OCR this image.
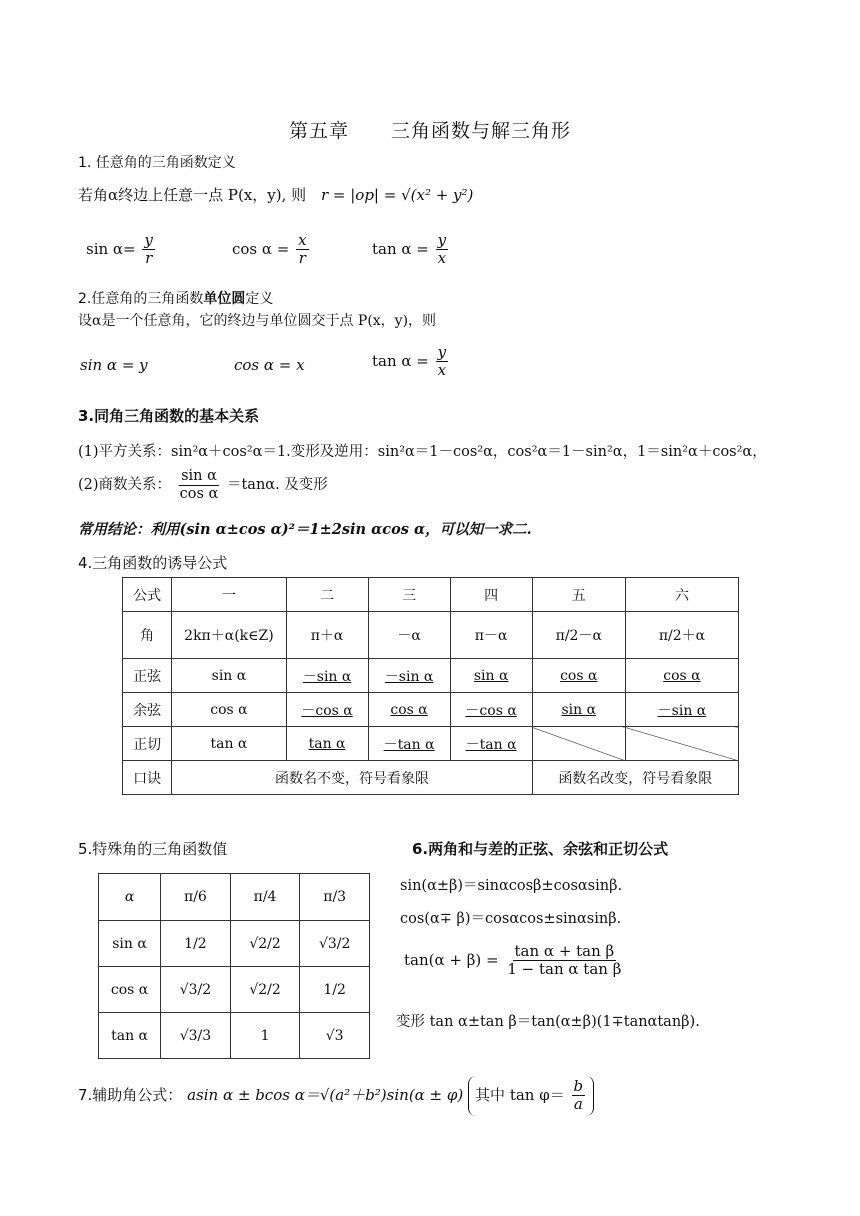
第五章 三角函数与解三角形
1. 任意角的三角函数定义
若角α终边上任意一点 P(x，y), 则 r = |op| = √(x² + y²)
$\sin \alpha= \frac{y}{r}$	$\cos \alpha = \frac{x}{r}$	$\tan \alpha = \frac{y}{x}$
2.任意角的三角函数单位圆定义
设α是一个任意角，它的终边与单位圆交于点 P(x，y)，则
sin α = y	cos α = x	$\tan \alpha = \frac{y}{x}$
3.同角三角函数的基本关系
(1)平方关系：sin²α＋cos²α＝1.变形及逆用：sin²α＝1－cos²α，cos²α＝1－sin²α，1＝sin²α＋cos²α，
(2)商数关系： $\frac{\text{sin α}}{\text{cos α}} =\tan\alpha$. 及变形
常用结论：利用(sin α±cos α)²＝1±2sin αcos α，可以知一求二.
4.三角函数的诱导公式
公式	一	二	三	四	五	六
角	2kπ＋α(k∈Z)	π＋α	－α	π－α	π/2－α	π/2＋α
正弦	sin α	－sin α	－sin α	sin α	cos α	cos α
余弦	cos α	－cos α	cos α	－cos α	sin α	－sin α
正切	tan α	tan α	－tan α	－tan α		
口诀	函数名不变，符号看象限				函数名改变，符号看象限	
5.特殊角的三角函数值
α	π/6	π/4	π/3
sin α	1/2	√2/2	√3/2
cos α	√3/2	√2/2	1/2
tan α	√3/3	1	√3
6.两角和与差的正弦、余弦和正切公式
sin(α±β)＝sinαcosβ±cosαsinβ.
cos(α∓ β)＝cosαcos±sinαsinβ.
$\tan(\alpha + \beta) = \frac{\text{tan α + tan β}}{\text{1 − tan α tan β}}$
变形 tan α±tan β＝tan(α±β)(1∓tanαtanβ).
7.辅助角公式： asin α ± bcos α＝√(a²＋b²)sin(α ± φ) 其中 $\tan \varphi= \frac{b}{a}$
